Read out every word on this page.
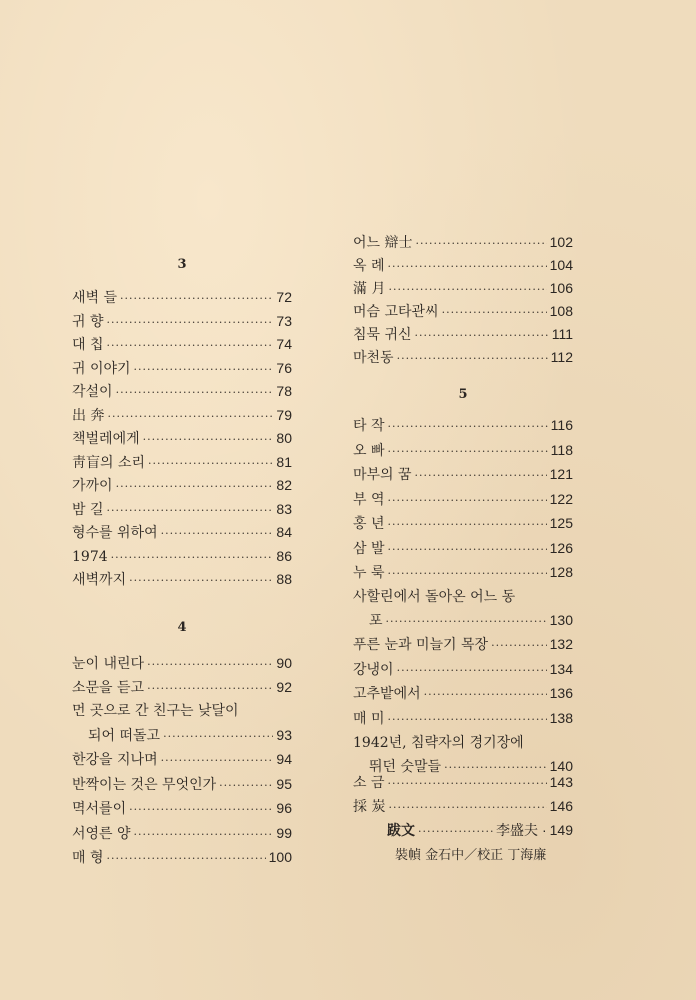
3
새벽 들 ·····	72
귀 향 ·····	73
대 칩 ·····	74
귀 이야기 ·····	76
각설이 ·····	78
出 奔 ·····	79
책벌레에게 ·····	80
靑盲의 소리 ·····	81
가까이 ·····	82
밤 길 ·····	83
형수를 위하여 ·····	84
1974 ·····	86
새벽까지 ·····	88
4
눈이 내린다 ·····	90
소문을 듣고 ·····	92
먼 곳으로 간 친구는 낮달이
되어 떠돌고 ·····	93
한강을 지나며 ·····	94
반짝이는 것은 무엇인가 ·····	95
멱서를이 ·····	96
서영른 양 ·····	99
매 형 ·····	100
어느 辯士 ·····	102
옥 례 ·····	104
滿 月 ·····	106
머슴 고타관씨 ·····	108
침묵 귀신 ·····	111
마천동 ·····	112
5
타 작 ·····	116
오 빠 ·····	118
마부의 꿈 ·····	121
부 역 ·····	122
홍 년 ·····	125
삼 발 ·····	126
누 룩 ·····	128
사할린에서 돌아온 어느 동
포 ·····	130
푸른 눈과 미늘기 목장 ·····	132
강냉이 ·····	134
고추밭에서 ·····	136
매 미 ·····	138
1942년, 침략자의 경기장에
뛰던 숫말들 ·····	140
소 금 ·····	143
採 炭 ·····	146
跋文 ·····	李盛夫 · 149
裝幀 金石中／校正 丁海廉
